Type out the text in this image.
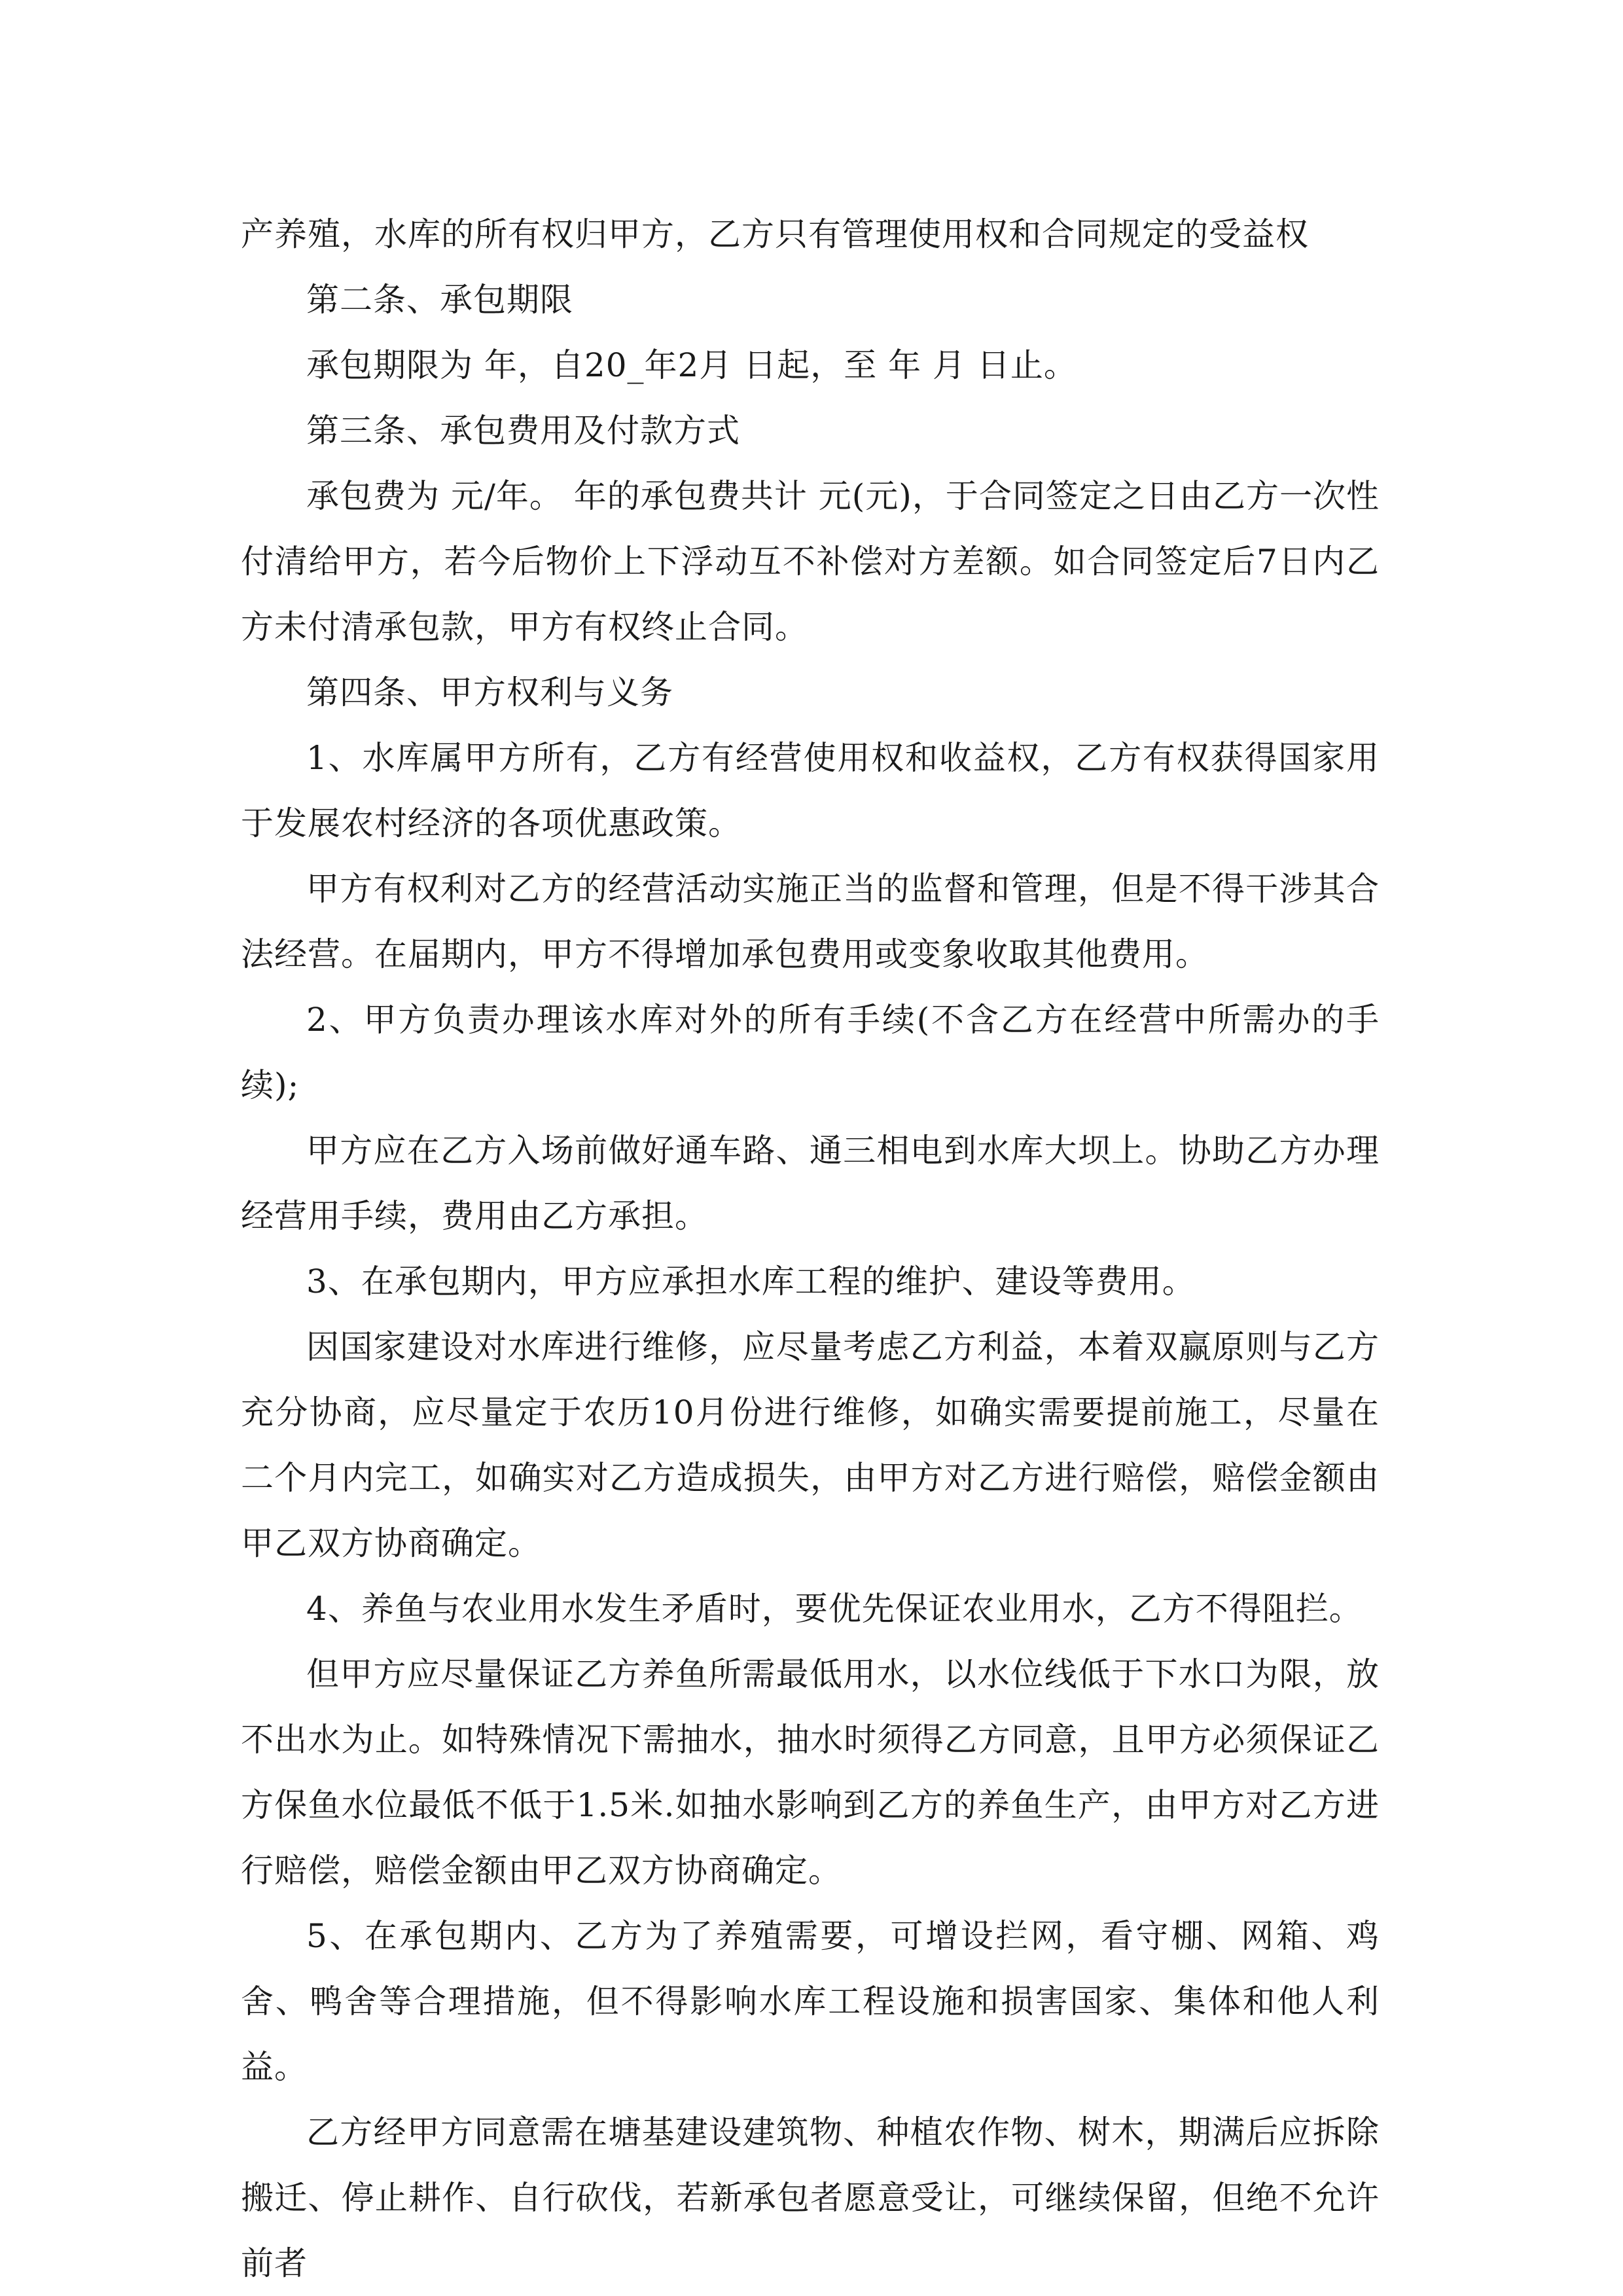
产养殖，水库的所有权归甲方，乙方只有管理使用权和合同规定的受益权

第二条、承包期限

承包期限为 年，自20_年2月 日起，至 年 月 日止。

第三条、承包费用及付款方式

承包费为 元/年。 年的承包费共计 元(元)，于合同签定之日由乙方一次性付清给甲方，若今后物价上下浮动互不补偿对方差额。如合同签定后7日内乙方未付清承包款，甲方有权终止合同。

第四条、甲方权利与义务

1、水库属甲方所有，乙方有经营使用权和收益权，乙方有权获得国家用于发展农村经济的各项优惠政策。

甲方有权利对乙方的经营活动实施正当的监督和管理，但是不得干涉其合法经营。在届期内，甲方不得增加承包费用或变象收取其他费用。

2、甲方负责办理该水库对外的所有手续(不含乙方在经营中所需办的手续);

甲方应在乙方入场前做好通车路、通三相电到水库大坝上。协助乙方办理经营用手续，费用由乙方承担。

3、在承包期内，甲方应承担水库工程的维护、建设等费用。

因国家建设对水库进行维修，应尽量考虑乙方利益，本着双赢原则与乙方充分协商，应尽量定于农历10月份进行维修，如确实需要提前施工，尽量在二个月内完工，如确实对乙方造成损失，由甲方对乙方进行赔偿，赔偿金额由甲乙双方协商确定。

4、养鱼与农业用水发生矛盾时，要优先保证农业用水，乙方不得阻拦。

但甲方应尽量保证乙方养鱼所需最低用水，以水位线低于下水口为限，放不出水为止。如特殊情况下需抽水，抽水时须得乙方同意，且甲方必须保证乙方保鱼水位最低不低于1.5米.如抽水影响到乙方的养鱼生产，由甲方对乙方进行赔偿，赔偿金额由甲乙双方协商确定。

5、在承包期内、乙方为了养殖需要，可增设拦网，看守棚、网箱、鸡舍、鸭舍等合理措施，但不得影响水库工程设施和损害国家、集体和他人利益。

乙方经甲方同意需在塘基建设建筑物、种植农作物、树木，期满后应拆除搬迁、停止耕作、自行砍伐，若新承包者愿意受让，可继续保留，但绝不允许前者
